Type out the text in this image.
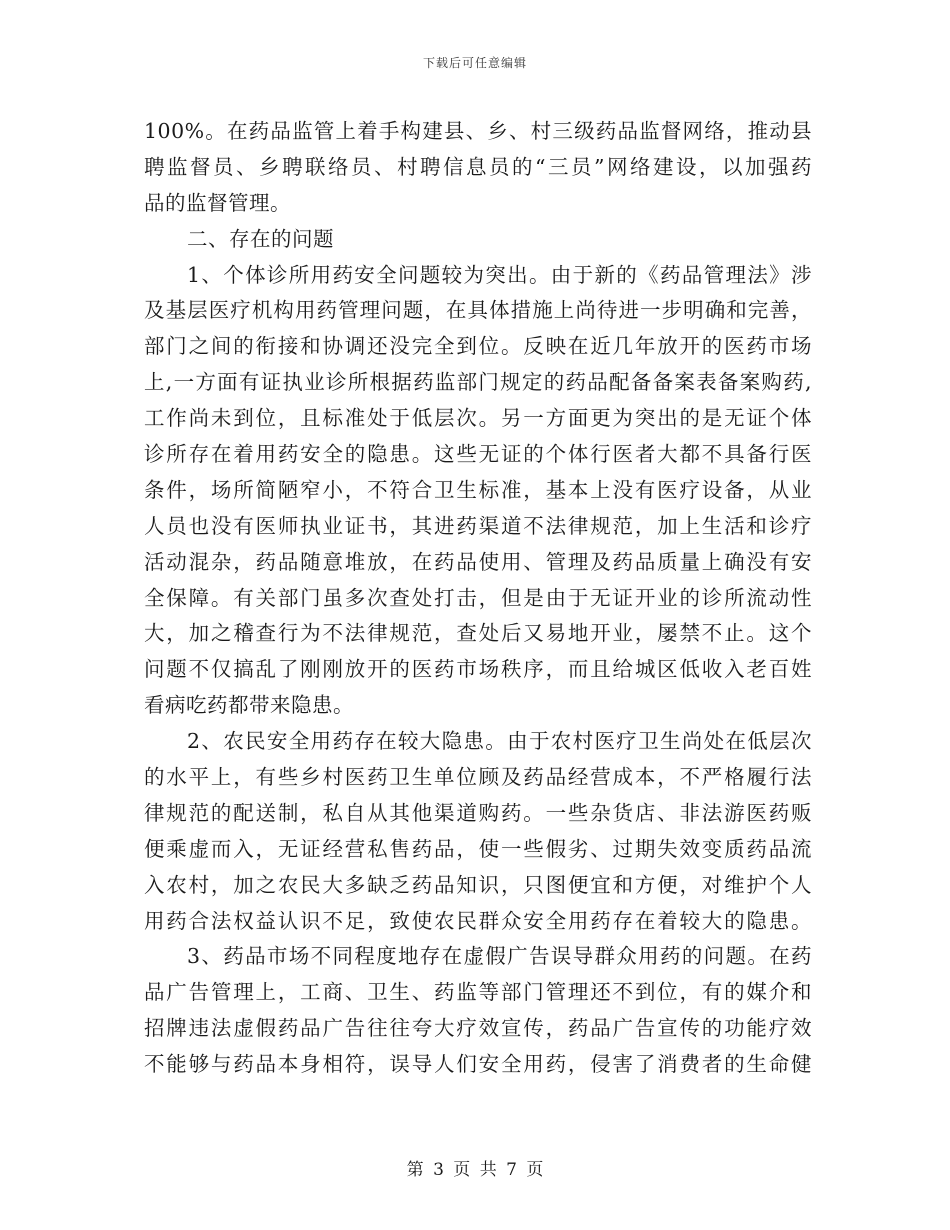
下载后可任意编辑
100%。在药品监管上着手构建县、乡、村三级药品监督网络，推动县
聘监督员、乡聘联络员、村聘信息员的“三员”网络建设，以加强药
品的监督管理。
二、存在的问题
1、个体诊所用药安全问题较为突出。由于新的《药品管理法》涉
及基层医疗机构用药管理问题，在具体措施上尚待进一步明确和完善，
部门之间的衔接和协调还没完全到位。反映在近几年放开的医药市场
上,一方面有证执业诊所根据药监部门规定的药品配备备案表备案购药,
工作尚未到位，且标准处于低层次。另一方面更为突出的是无证个体
诊所存在着用药安全的隐患。这些无证的个体行医者大都不具备行医
条件，场所简陋窄小，不符合卫生标准，基本上没有医疗设备，从业
人员也没有医师执业证书，其进药渠道不法律规范，加上生活和诊疗
活动混杂，药品随意堆放，在药品使用、管理及药品质量上确没有安
全保障。有关部门虽多次查处打击，但是由于无证开业的诊所流动性
大，加之稽查行为不法律规范，查处后又易地开业，屡禁不止。这个
问题不仅搞乱了刚刚放开的医药市场秩序，而且给城区低收入老百姓
看病吃药都带来隐患。
2、农民安全用药存在较大隐患。由于农村医疗卫生尚处在低层次
的水平上，有些乡村医药卫生单位顾及药品经营成本，不严格履行法
律规范的配送制，私自从其他渠道购药。一些杂货店、非法游医药贩
便乘虚而入，无证经营私售药品，使一些假劣、过期失效变质药品流
入农村，加之农民大多缺乏药品知识，只图便宜和方便，对维护个人
用药合法权益认识不足，致使农民群众安全用药存在着较大的隐患。
3、药品市场不同程度地存在虚假广告误导群众用药的问题。在药
品广告管理上，工商、卫生、药监等部门管理还不到位，有的媒介和
招牌违法虚假药品广告往往夸大疗效宣传，药品广告宣传的功能疗效
不能够与药品本身相符，误导人们安全用药，侵害了消费者的生命健
第 3 页 共 7 页
